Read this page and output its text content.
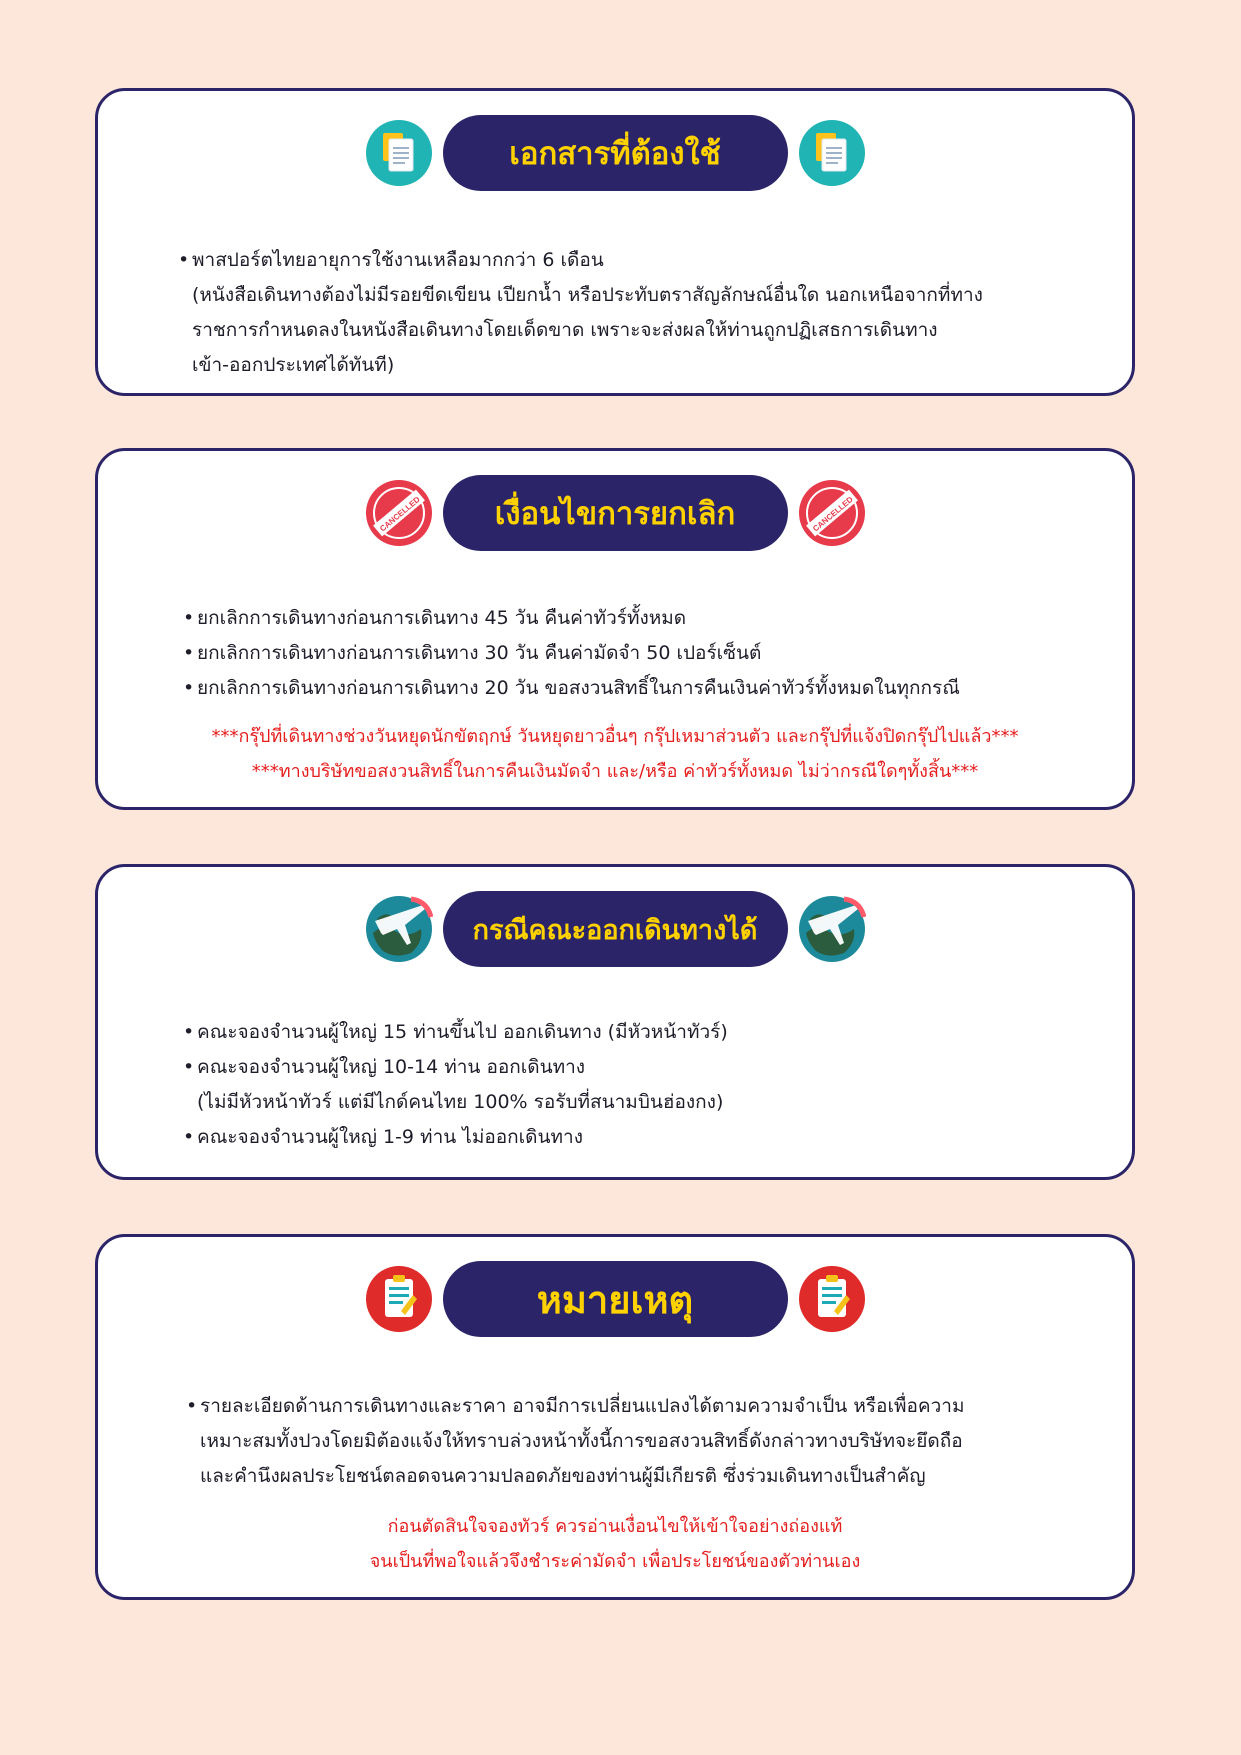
เอกสารที่ต้องใช้
• พาสปอร์ตไทยอายุการใช้งานเหลือมากกว่า 6 เดือน
(หนังสือเดินทางต้องไม่มีรอยขีดเขียน เปียกน้ำ หรือประทับตราสัญลักษณ์อื่นใด นอกเหนือจากที่ทาง
ราชการกำหนดลงในหนังสือเดินทางโดยเด็ดขาด เพราะจะส่งผลให้ท่านถูกปฏิเสธการเดินทาง
เข้า-ออกประเทศได้ทันที)
CANCELLED	เงื่อนไขการยกเลิก	CANCELLED
• ยกเลิกการเดินทางก่อนการเดินทาง 45 วัน คืนค่าทัวร์ทั้งหมด
• ยกเลิกการเดินทางก่อนการเดินทาง 30 วัน คืนค่ามัดจำ 50 เปอร์เซ็นต์
• ยกเลิกการเดินทางก่อนการเดินทาง 20 วัน ขอสงวนสิทธิ์ในการคืนเงินค่าทัวร์ทั้งหมดในทุกกรณี
***กรุ๊ปที่เดินทางช่วงวันหยุดนักขัตฤกษ์ วันหยุดยาวอื่นๆ กรุ๊ปเหมาส่วนตัว และกรุ๊ปที่แจ้งปิดกรุ๊ปไปแล้ว***
***ทางบริษัทขอสงวนสิทธิ์ในการคืนเงินมัดจำ และ/หรือ ค่าทัวร์ทั้งหมด ไม่ว่ากรณีใดๆทั้งสิ้น***
กรณีคณะออกเดินทางได้
• คณะจองจำนวนผู้ใหญ่ 15 ท่านขึ้นไป ออกเดินทาง (มีหัวหน้าทัวร์)
• คณะจองจำนวนผู้ใหญ่ 10-14 ท่าน ออกเดินทาง
(ไม่มีหัวหน้าทัวร์ แต่มีไกด์คนไทย 100% รอรับที่สนามบินฮ่องกง)
• คณะจองจำนวนผู้ใหญ่ 1-9 ท่าน ไม่ออกเดินทาง
หมายเหตุ
• รายละเอียดด้านการเดินทางและราคา อาจมีการเปลี่ยนแปลงได้ตามความจำเป็น หรือเพื่อความ
เหมาะสมทั้งปวงโดยมิต้องแจ้งให้ทราบล่วงหน้าทั้งนี้การขอสงวนสิทธิ์ดังกล่าวทางบริษัทจะยึดถือ
และคำนึงผลประโยชน์ตลอดจนความปลอดภัยของท่านผู้มีเกียรติ ซึ่งร่วมเดินทางเป็นสำคัญ
ก่อนตัดสินใจจองทัวร์ ควรอ่านเงื่อนไขให้เข้าใจอย่างถ่องแท้
จนเป็นที่พอใจแล้วจึงชำระค่ามัดจำ เพื่อประโยชน์ของตัวท่านเอง
